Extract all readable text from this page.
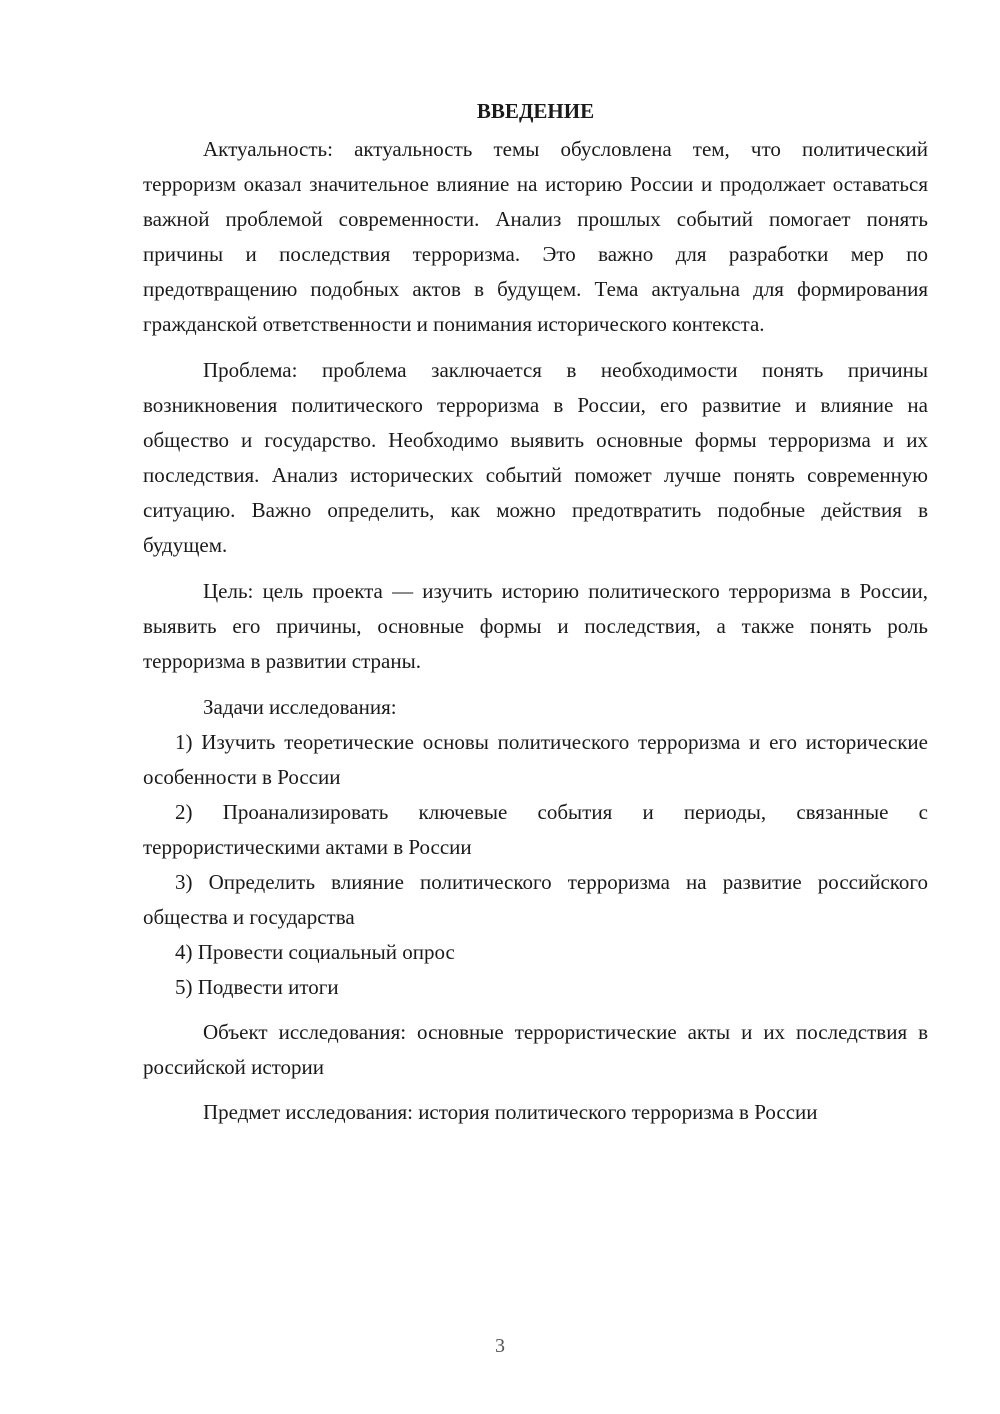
ВВЕДЕНИЕ

Актуальность: актуальность темы обусловлена тем, что политический терроризм оказал значительное влияние на историю России и продолжает оставаться важной проблемой современности. Анализ прошлых событий помогает понять причины и последствия терроризма. Это важно для разработки мер по предотвращению подобных актов в будущем. Тема актуальна для формирования гражданской ответственности и понимания исторического контекста.

Проблема: проблема заключается в необходимости понять причины возникновения политического терроризма в России, его развитие и влияние на общество и государство. Необходимо выявить основные формы терроризма и их последствия. Анализ исторических событий поможет лучше понять современную ситуацию. Важно определить, как можно предотвратить подобные действия в будущем.

Цель: цель проекта — изучить историю политического терроризма в России, выявить его причины, основные формы и последствия, а также понять роль терроризма в развитии страны.

Задачи исследования:

1) Изучить теоретические основы политического терроризма и его исторические особенности в России

2) Проанализировать ключевые события и периоды, связанные с террористическими актами в России

3) Определить влияние политического терроризма на развитие российского общества и государства

4) Провести социальный опрос

5) Подвести итоги

Объект исследования: основные террористические акты и их последствия в российской истории

Предмет исследования: история политического терроризма в России

3
